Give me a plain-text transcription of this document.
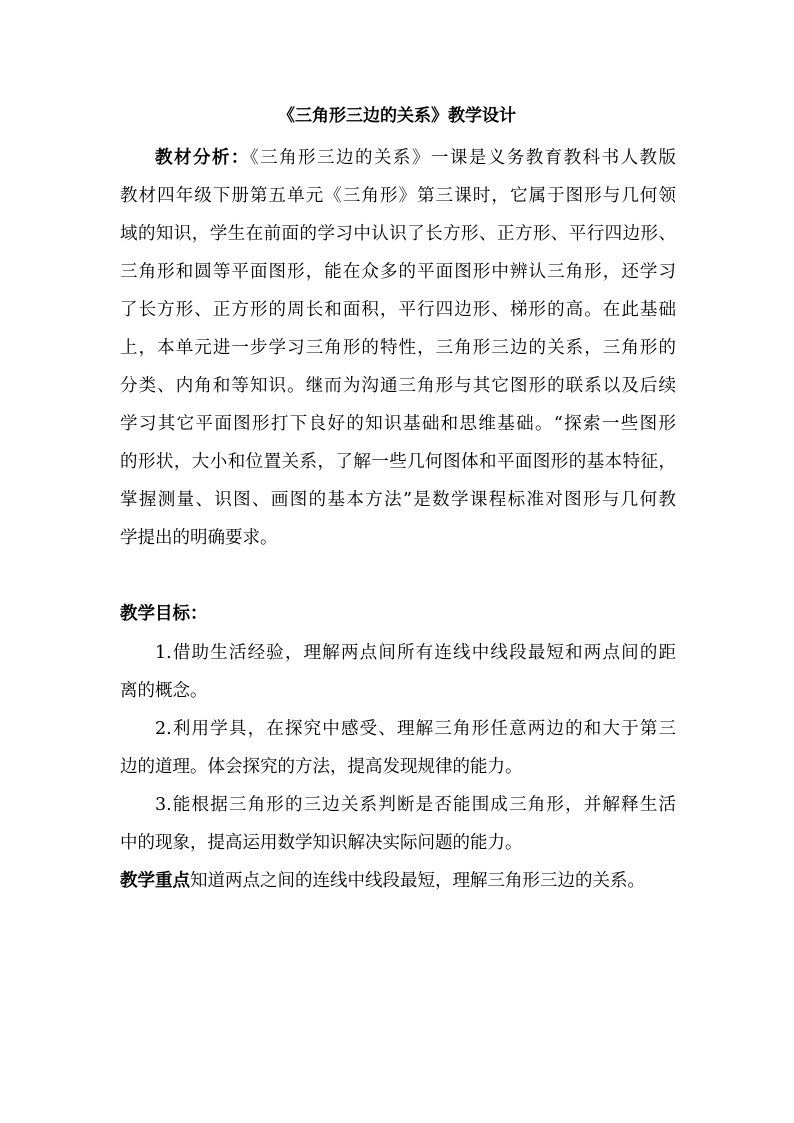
《三角形三边的关系》教学设计
教材分析：《三角形三边的关系》一课是义务教育教科书人教版
教材四年级下册第五单元《三角形》第三课时，它属于图形与几何领
域的知识，学生在前面的学习中认识了长方形、正方形、平行四边形、
三角形和圆等平面图形，能在众多的平面图形中辨认三角形，还学习
了长方形、正方形的周长和面积，平行四边形、梯形的高。在此基础
上，本单元进一步学习三角形的特性，三角形三边的关系，三角形的
分类、内角和等知识。继而为沟通三角形与其它图形的联系以及后续
学习其它平面图形打下良好的知识基础和思维基础。“探索一些图形
的形状，大小和位置关系，了解一些几何图体和平面图形的基本特征，
掌握测量、识图、画图的基本方法”是数学课程标准对图形与几何教
学提出的明确要求。
教学目标：
1.借助生活经验，理解两点间所有连线中线段最短和两点间的距
离的概念。
2.利用学具，在探究中感受、理解三角形任意两边的和大于第三
边的道理。体会探究的方法，提高发现规律的能力。
3.能根据三角形的三边关系判断是否能围成三角形，并解释生活
中的现象，提高运用数学知识解决实际问题的能力。
教学重点知道两点之间的连线中线段最短，理解三角形三边的关系。
